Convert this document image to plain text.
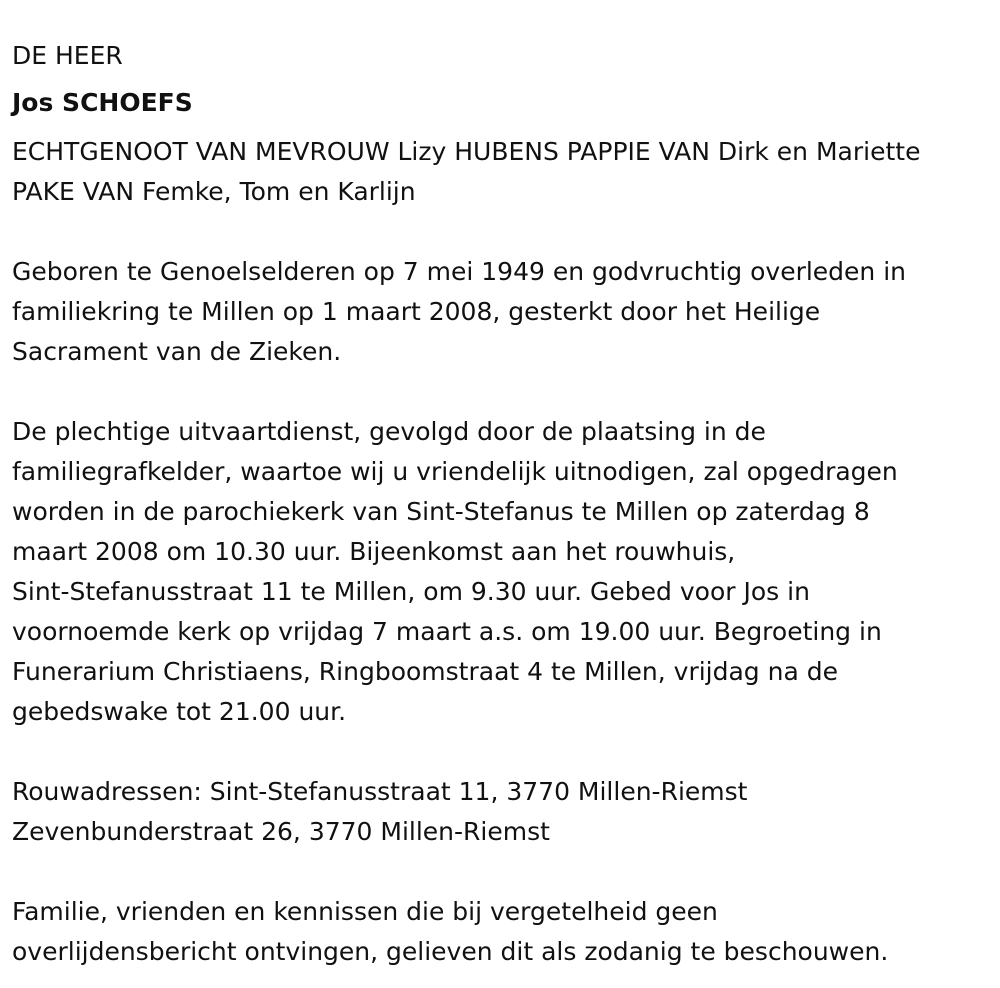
DE HEER

Jos SCHOEFS

ECHTGENOOT VAN MEVROUW Lizy HUBENS PAPPIE VAN Dirk en Mariette

PAKE VAN Femke, Tom en Karlijn

Geboren te Genoelselderen op 7 mei 1949 en godvruchtig overleden in

familiekring te Millen op 1 maart 2008, gesterkt door het Heilige

Sacrament van de Zieken.

De plechtige uitvaartdienst, gevolgd door de plaatsing in de

familiegrafkelder, waartoe wij u vriendelijk uitnodigen, zal opgedragen

worden in de parochiekerk van Sint-Stefanus te Millen op zaterdag 8

maart 2008 om 10.30 uur. Bijeenkomst aan het rouwhuis,

Sint-Stefanusstraat 11 te Millen, om 9.30 uur. Gebed voor Jos in

voornoemde kerk op vrijdag 7 maart a.s. om 19.00 uur. Begroeting in

Funerarium Christiaens, Ringboomstraat 4 te Millen, vrijdag na de

gebedswake tot 21.00 uur.

Rouwadressen: Sint-Stefanusstraat 11, 3770 Millen-Riemst

Zevenbunderstraat 26, 3770 Millen-Riemst

Familie, vrienden en kennissen die bij vergetelheid geen

overlijdensbericht ontvingen, gelieven dit als zodanig te beschouwen.
